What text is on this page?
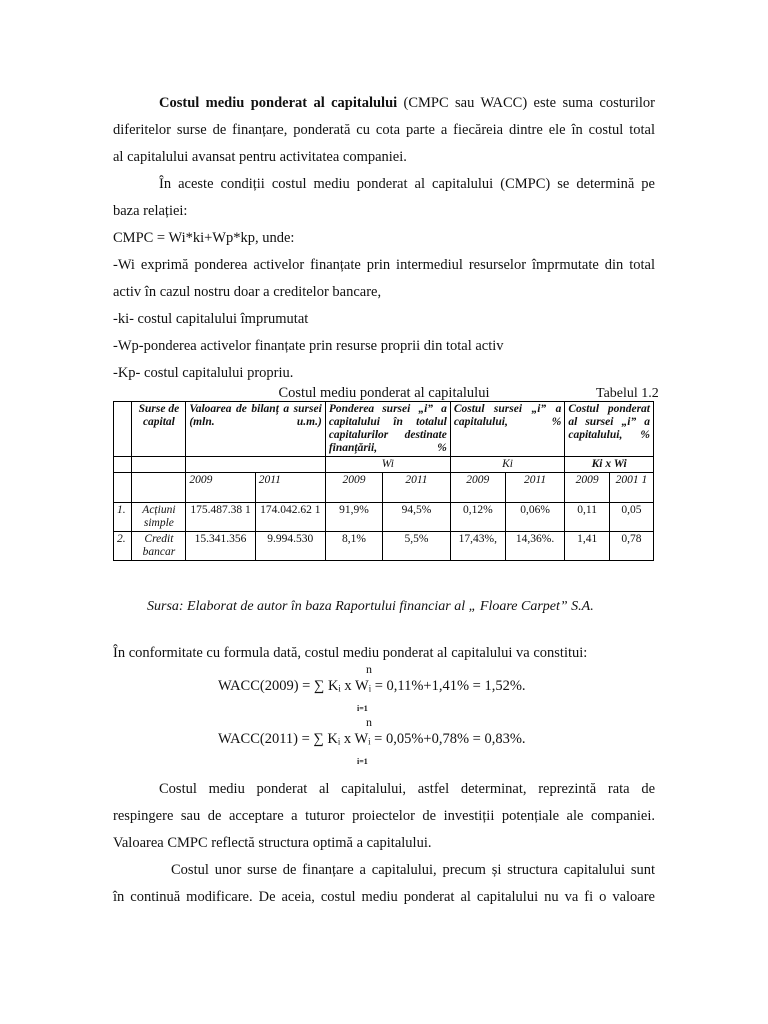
Costul mediu ponderat al capitalului (CMPC sau WACC) este suma costurilor
diferitelor surse de finanțare, ponderată cu cota parte a fiecăreia dintre ele în costul total
al capitalului avansat pentru activitatea companiei.
În aceste condiții costul mediu ponderat al capitalului (CMPC) se determină pe
baza relației:
CMPC = Wi*ki+Wp*kp, unde:
-Wi exprimă ponderea activelor finanțate prin intermediul resurselor împrmutate din total
activ în cazul nostru doar a creditelor bancare,
-ki- costul capitalului împrumutat
-Wp-ponderea activelor finanțate prin resurse proprii din total activ
-Kp- costul capitalului propriu.
Costul mediu ponderat al capitalului	Tabelul 1.2
	Surse de capital	Valoarea de bilanț a sursei (mln. u.m.)		Ponderea sursei „i” a capitalului în totalul capitalurilor destinate finanțării, %		Costul sursei „i” a capitalului, %		Costul ponderat al sursei „i” a capitalului, %	
				Wi		Ki		Ki x Wi	
		2009	2011	2009	2011	2009	2011	2009	2001 1
1.	Acțiuni simple	175.487.38 1	174.042.62 1	91,9%	94,5%	0,12%	0,06%	0,11	0,05
2.	Credit bancar	15.341.356	9.994.530	8,1%	5,5%	17,43%,	14,36%.	1,41	0,78
Sursa: Elaborat de autor în baza Raportului financiar al „ Floare Carpet” S.A.
În conformitate cu formula dată, costul mediu ponderat al capitalului va constitui:
n
WACC(2009) = ∑ Kᵢ x Wᵢ = 0,11%+1,41% = 1,52%.
i=1
n
WACC(2011) = ∑ Kᵢ x Wᵢ = 0,05%+0,78% = 0,83%.
i=1
Costul mediu ponderat al capitalului, astfel determinat, reprezintă rata de
respingere sau de acceptare a tuturor proiectelor de investiții potențiale ale companiei.
Valoarea CMPC reflectă structura optimă a capitalului.
Costul unor surse de finanțare a capitalului, precum și structura capitalului sunt
în continuă modificare. De aceia, costul mediu ponderat al capitalului nu va fi o valoare
